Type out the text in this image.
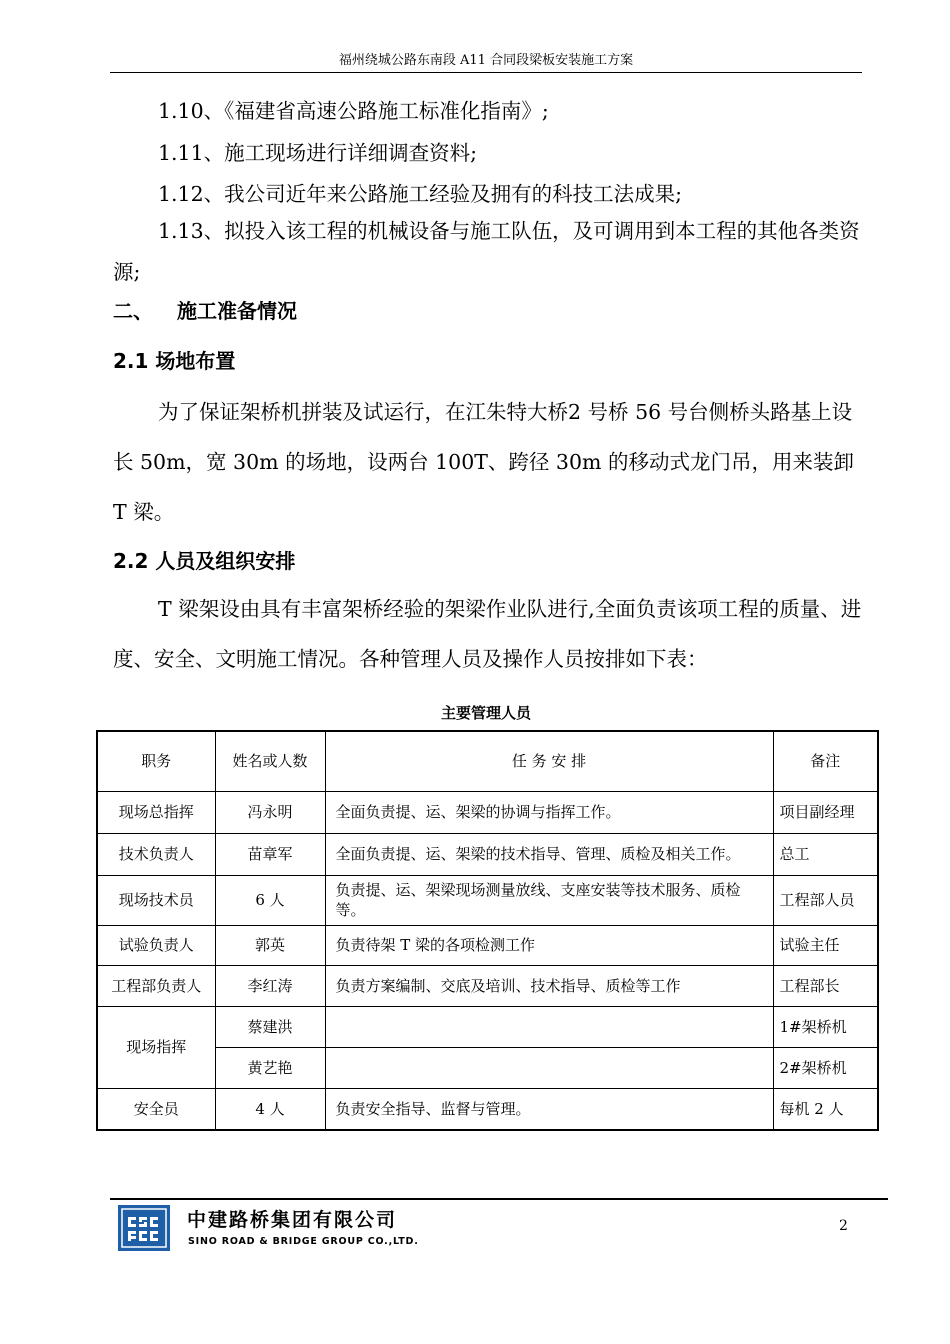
福州绕城公路东南段 A11 合同段梁板安装施工方案
1.10、《福建省高速公路施工标准化指南》;
1.11、施工现场进行详细调查资料;
1.12、我公司近年来公路施工经验及拥有的科技工法成果;
1.13、拟投入该工程的机械设备与施工队伍，及可调用到本工程的其他各类资源;
二、 施工准备情况
2.1 场地布置
为了保证架桥机拼装及试运行，在江朱特大桥2 号桥 56 号台侧桥头路基上设长 50m，宽 30m 的场地，设两台 100T、跨径 30m 的移动式龙门吊，用来装卸 T 梁。
2.2 人员及组织安排
T 梁架设由具有丰富架桥经验的架梁作业队进行,全面负责该项工程的质量、进度、安全、文明施工情况。各种管理人员及操作人员按排如下表：
主要管理人员
职务	姓名或人数	任 务 安 排	备注
现场总指挥	冯永明	全面负责提、运、架梁的协调与指挥工作。	项目副经理
技术负责人	苗章军	全面负责提、运、架梁的技术指导、管理、质检及相关工作。	总工
现场技术员	6 人	负责提、运、架梁现场测量放线、支座安装等技术服务、质检等。	工程部人员
试验负责人	郭英	负责待架 T 梁的各项检测工作	试验主任
工程部负责人	李红涛	负责方案编制、交底及培训、技术指导、质检等工作	工程部长
现场指挥	蔡建洪		1#架桥机
	黄艺艳		2#架桥机
安全员	4 人	负责安全指导、监督与管理。	每机 2 人
中建路桥集团有限公司
SINO ROAD & BRIDGE GROUP CO.,LTD.
2
